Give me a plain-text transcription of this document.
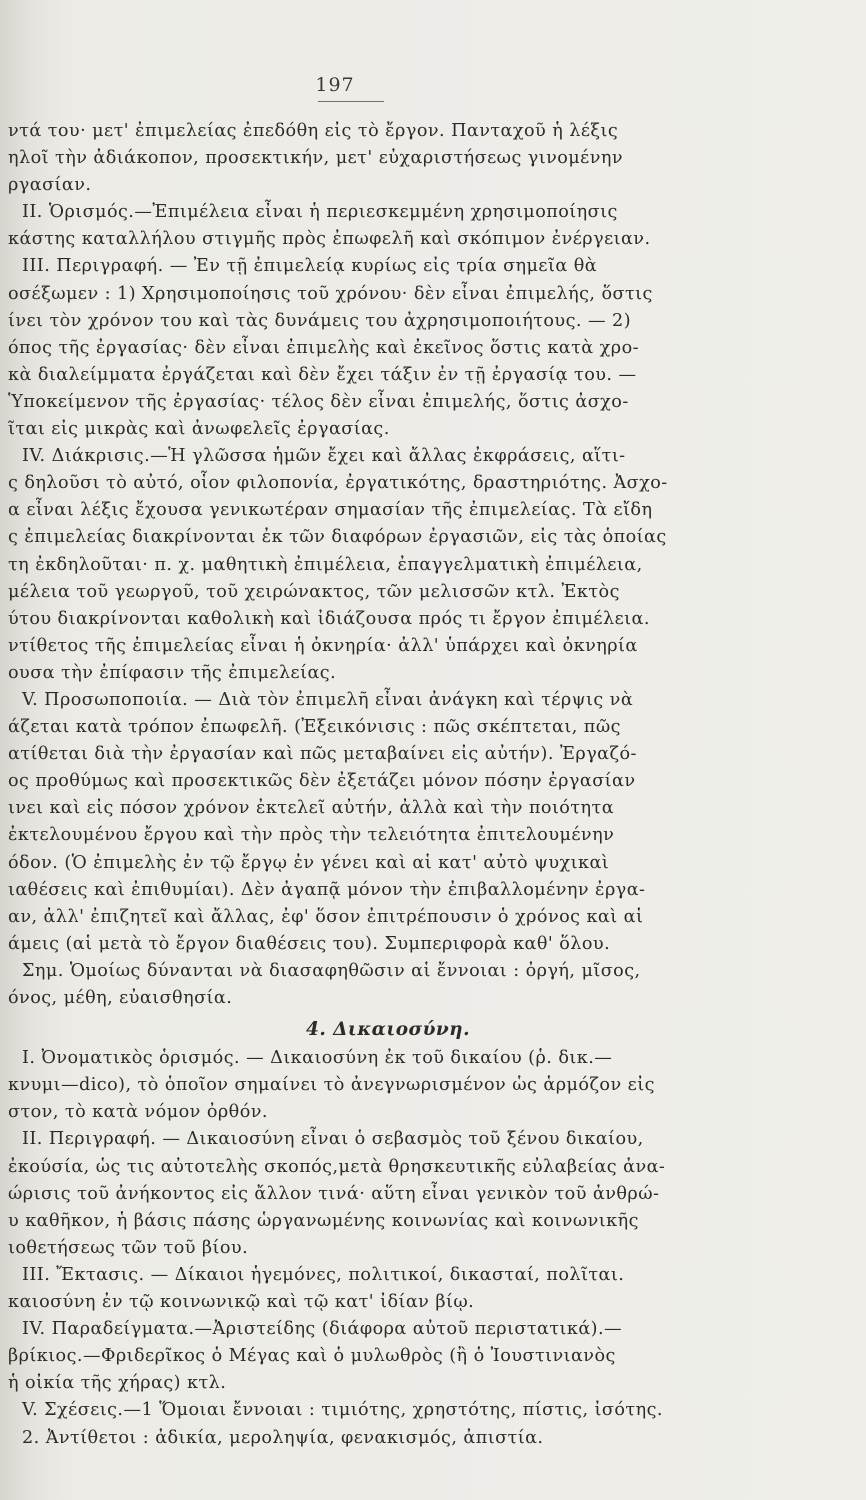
197
ντά του· μετ' ἐπιμελείας ἐπεδόθη εἰς τὸ ἔργον. Πανταχοῦ ἡ λέξις
ηλοῖ τὴν ἀδιάκοπον, προσεκτικήν, μετ' εὐχαριστήσεως γινομένην
ργασίαν.
II. Ὁρισμός.—Ἐπιμέλεια εἶναι ἡ περιεσκεμμένη χρησιμοποίησις
κάστης καταλλήλου στιγμῆς πρὸς ἐπωφελῆ καὶ σκόπιμον ἐνέργειαν.
III. Περιγραφή. — Ἐν τῇ ἐπιμελείᾳ κυρίως εἰς τρία σημεῖα θὰ
οσέξωμεν : 1) Χρησιμοποίησις τοῦ χρόνου· δὲν εἶναι ἐπιμελής, ὅστις
ίνει τὸν χρόνον του καὶ τὰς δυνάμεις του ἀχρησιμοποιήτους. — 2)
όπος τῆς ἐργασίας· δὲν εἶναι ἐπιμελὴς καὶ ἐκεῖνος ὅστις κατὰ χρο-
κὰ διαλείμματα ἐργάζεται καὶ δὲν ἔχει τάξιν ἐν τῇ ἐργασίᾳ του. —
Ὑποκείμενον τῆς ἐργασίας· τέλος δὲν εἶναι ἐπιμελής, ὅστις ἀσχο-
ῖται εἰς μικρὰς καὶ ἀνωφελεῖς ἐργασίας.
IV. Διάκρισις.—Ἡ γλῶσσα ἡμῶν ἔχει καὶ ἄλλας ἐκφράσεις, αἵτι-
ς δηλοῦσι τὸ αὐτό, οἷον φιλοπονία, ἐργατικότης, δραστηριότης. Ἀσχο-
α εἶναι λέξις ἔχουσα γενικωτέραν σημασίαν τῆς ἐπιμελείας. Τὰ εἴδη
ς ἐπιμελείας διακρίνονται ἐκ τῶν διαφόρων ἐργασιῶν, εἰς τὰς ὁποίας
τη ἐκδηλοῦται· π. χ. μαθητικὴ ἐπιμέλεια, ἐπαγγελματικὴ ἐπιμέλεια,
μέλεια τοῦ γεωργοῦ, τοῦ χειρώνακτος, τῶν μελισσῶν κτλ. Ἐκτὸς
ύτου διακρίνονται καθολικὴ καὶ ἰδιάζουσα πρός τι ἔργον ἐπιμέλεια.
ντίθετος τῆς ἐπιμελείας εἶναι ἡ ὀκνηρία· ἀλλ' ὑπάρχει καὶ ὀκνηρία
ουσα τὴν ἐπίφασιν τῆς ἐπιμελείας.
V. Προσωποποιία. — Διὰ τὸν ἐπιμελῆ εἶναι ἀνάγκη καὶ τέρψις νὰ
άζεται κατὰ τρόπον ἐπωφελῆ. (Ἐξεικόνισις : πῶς σκέπτεται, πῶς
ατίθεται διὰ τὴν ἐργασίαν καὶ πῶς μεταβαίνει εἰς αὐτήν). Ἐργαζό-
ος προθύμως καὶ προσεκτικῶς δὲν ἐξετάζει μόνον πόσην ἐργασίαν
ινει καὶ εἰς πόσον χρόνον ἐκτελεῖ αὐτήν, ἀλλὰ καὶ τὴν ποιότητα
ἐκτελουμένου ἔργου καὶ τὴν πρὸς τὴν τελειότητα ἐπιτελουμένην
όδον. (Ὁ ἐπιμελὴς ἐν τῷ ἔργῳ ἐν γένει καὶ αἱ κατ' αὐτὸ ψυχικαὶ
ιαθέσεις καὶ ἐπιθυμίαι). Δὲν ἀγαπᾷ μόνον τὴν ἐπιβαλλομένην ἐργα-
αν, ἀλλ' ἐπιζητεῖ καὶ ἄλλας, ἐφ' ὅσον ἐπιτρέπουσιν ὁ χρόνος καὶ αἱ
άμεις (αἱ μετὰ τὸ ἔργον διαθέσεις του). Συμπεριφορὰ καθ' ὅλου.
Σημ. Ὁμοίως δύνανται νὰ διασαφηθῶσιν αἱ ἔννοιαι : ὀργή, μῖσος,
όνος, μέθη, εὐαισθησία.
4. Δικαιοσύνη.
I. Ὀνοματικὸς ὁρισμός. — Δικαιοσύνη ἐκ τοῦ δικαίου (ῥ. δικ.—
κνυμι—dico), τὸ ὁποῖον σημαίνει τὸ ἀνεγνωρισμένον ὡς ἁρμόζον εἰς
στον, τὸ κατὰ νόμον ὀρθόν.
II. Περιγραφή. — Δικαιοσύνη εἶναι ὁ σεβασμὸς τοῦ ξένου δικαίου,
ἐκούσία, ὡς τις αὐτοτελὴς σκοπός,μετὰ θρησκευτικῆς εὐλαβείας ἀνα-
ώρισις τοῦ ἀνήκοντος εἰς ἄλλον τινά· αὕτη εἶναι γενικὸν τοῦ ἀνθρώ-
υ καθῆκον, ἡ βάσις πάσης ὡργανωμένης κοινωνίας καὶ κοινωνικῆς
ιοθετήσεως τῶν τοῦ βίου.
III. Ἔκτασις. — Δίκαιοι ἡγεμόνες, πολιτικοί, δικασταί, πολῖται.
καιοσύνη ἐν τῷ κοινωνικῷ καὶ τῷ κατ' ἰδίαν βίῳ.
IV. Παραδείγματα.—Ἀριστείδης (διάφορα αὐτοῦ περιστατικά).—
βρίκιος.—Φριδερῖκος ὁ Μέγας καὶ ὁ μυλωθρὸς (ἢ ὁ Ἰουστινιανὸς
ἡ οἰκία τῆς χήρας) κτλ.
V. Σχέσεις.—1 Ὅμοιαι ἔννοιαι : τιμιότης, χρηστότης, πίστις, ἰσότης.
2. Ἀντίθετοι : ἀδικία, μεροληψία, φενακισμός, ἀπιστία.
